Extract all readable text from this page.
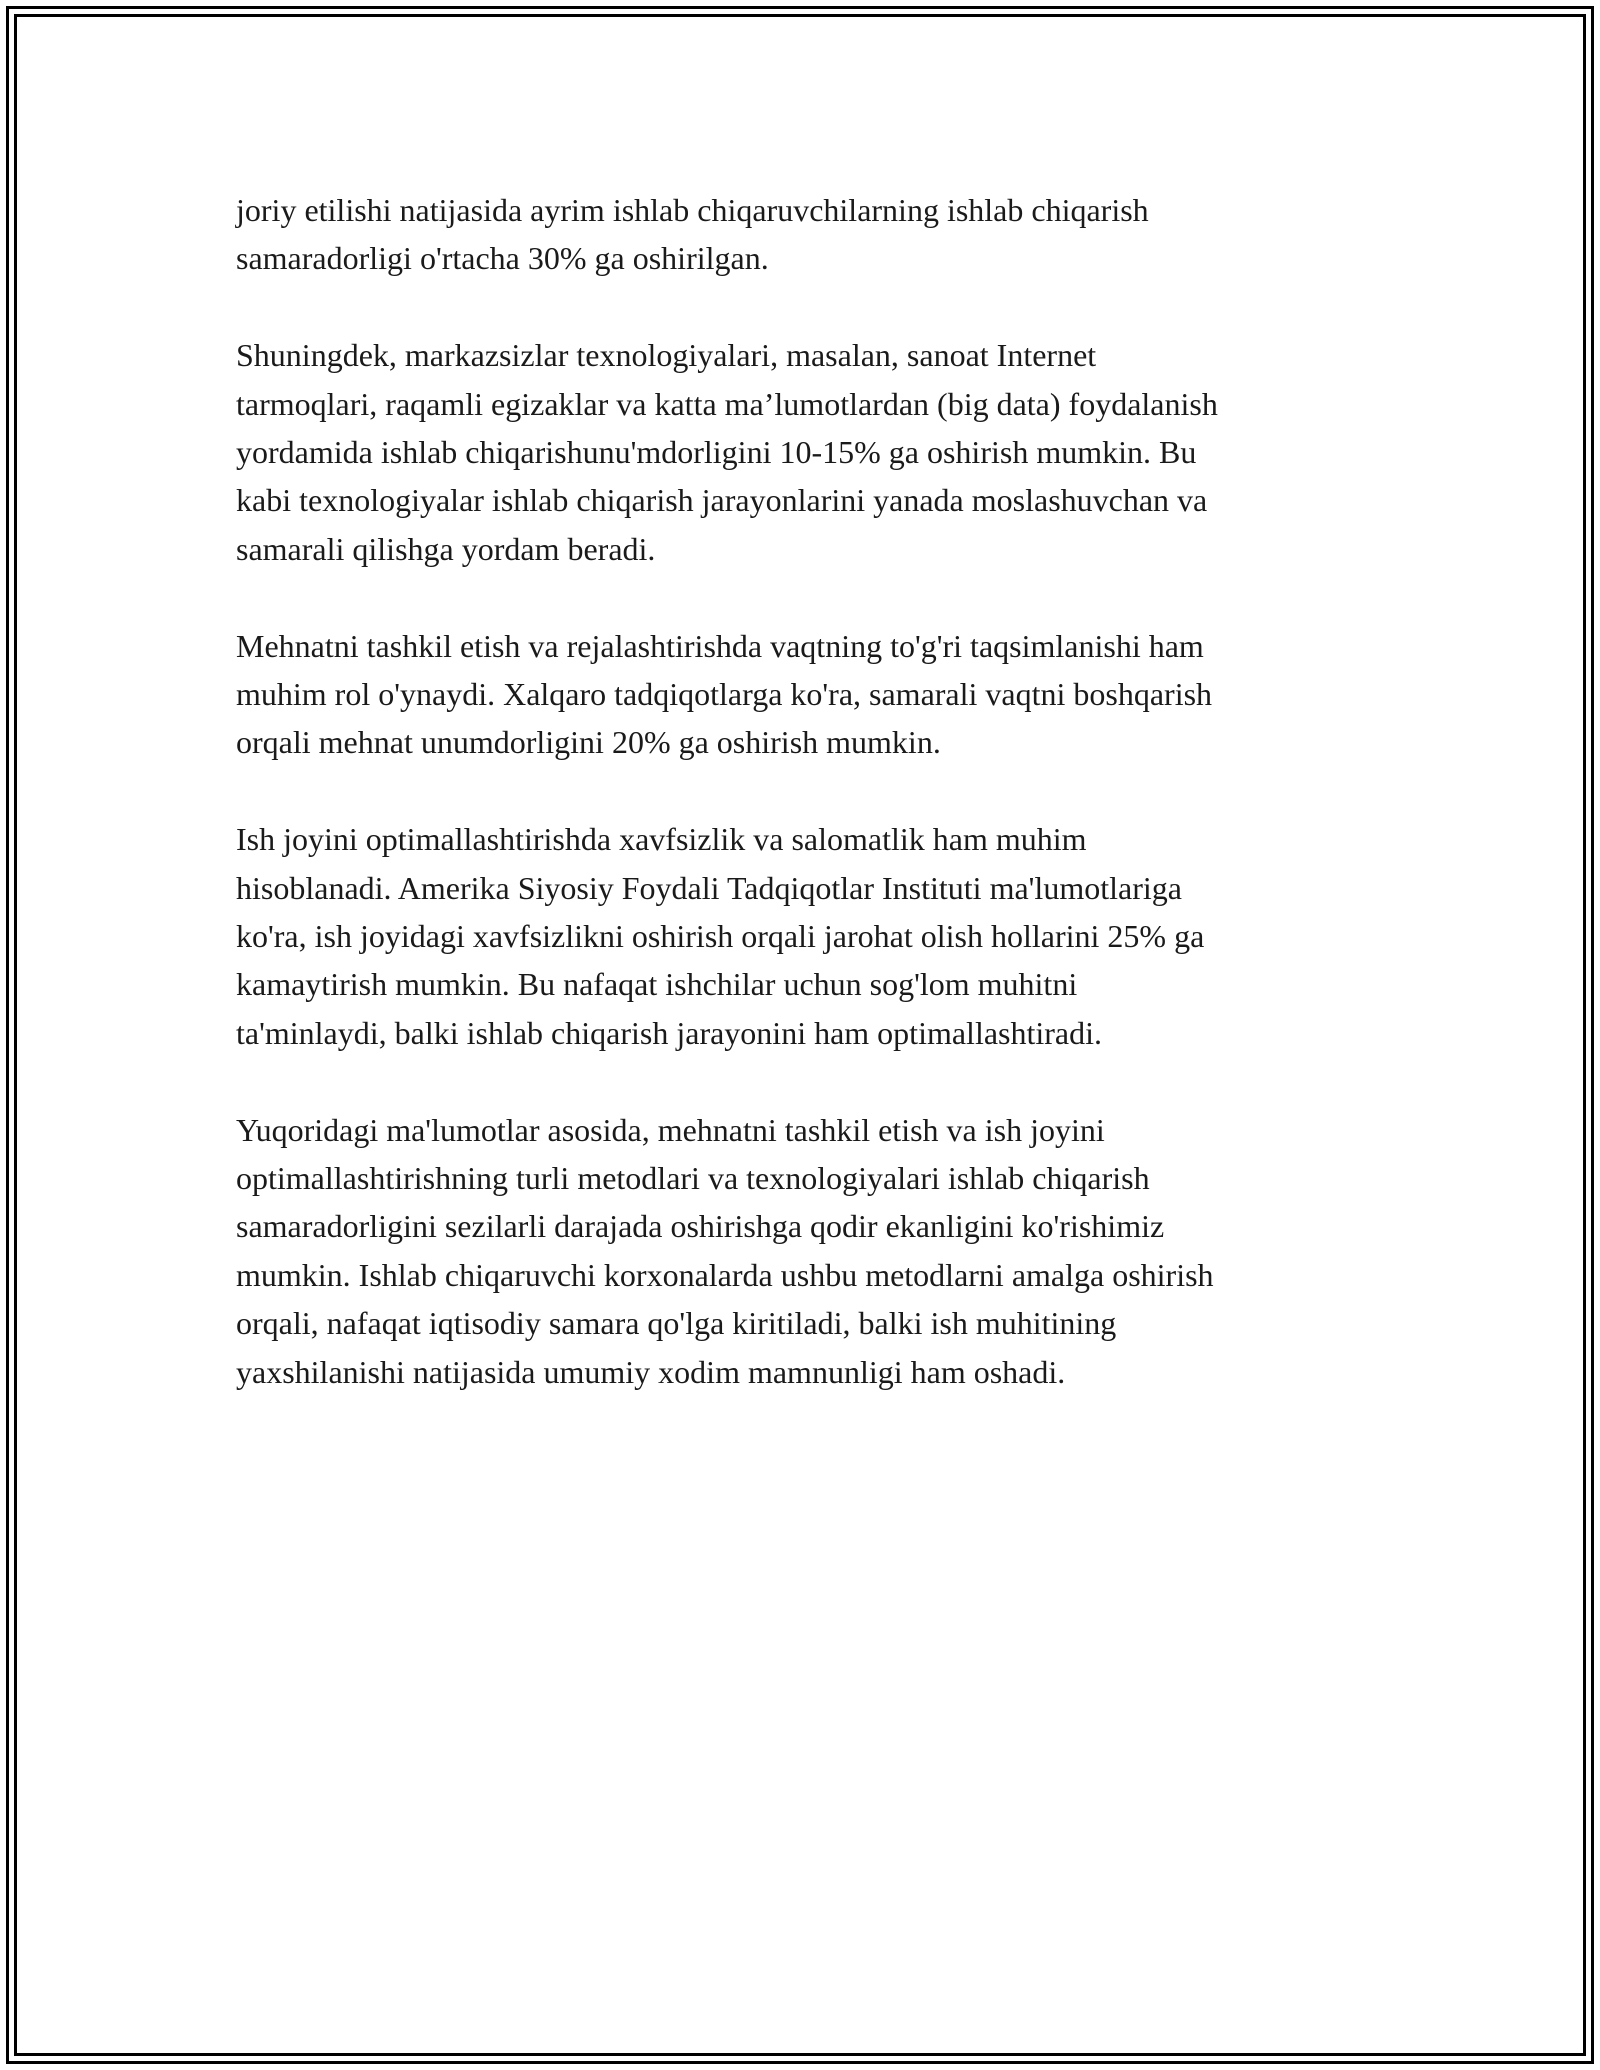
joriy etilishi natijasida ayrim ishlab chiqaruvchilarning ishlab chiqarish
samaradorligi o'rtacha 30% ga oshirilgan.

Shuningdek, markazsizlar texnologiyalari, masalan, sanoat Internet
tarmoqlari, raqamli egizaklar va katta ma’lumotlardan (big data) foydalanish
yordamida ishlab chiqarishunu'mdorligini 10-15% ga oshirish mumkin. Bu
kabi texnologiyalar ishlab chiqarish jarayonlarini yanada moslashuvchan va
samarali qilishga yordam beradi.

Mehnatni tashkil etish va rejalashtirishda vaqtning to'g'ri taqsimlanishi ham
muhim rol o'ynaydi. Xalqaro tadqiqotlarga ko'ra, samarali vaqtni boshqarish
orqali mehnat unumdorligini 20% ga oshirish mumkin.

Ish joyini optimallashtirishda xavfsizlik va salomatlik ham muhim
hisoblanadi. Amerika Siyosiy Foydali Tadqiqotlar Instituti ma'lumotlariga
ko'ra, ish joyidagi xavfsizlikni oshirish orqali jarohat olish hollarini 25% ga
kamaytirish mumkin. Bu nafaqat ishchilar uchun sog'lom muhitni
ta'minlaydi, balki ishlab chiqarish jarayonini ham optimallashtiradi.

Yuqoridagi ma'lumotlar asosida, mehnatni tashkil etish va ish joyini
optimallashtirishning turli metodlari va texnologiyalari ishlab chiqarish
samaradorligini sezilarli darajada oshirishga qodir ekanligini ko'rishimiz
mumkin. Ishlab chiqaruvchi korxonalarda ushbu metodlarni amalga oshirish
orqali, nafaqat iqtisodiy samara qo'lga kiritiladi, balki ish muhitining
yaxshilanishi natijasida umumiy xodim mamnunligi ham oshadi.
